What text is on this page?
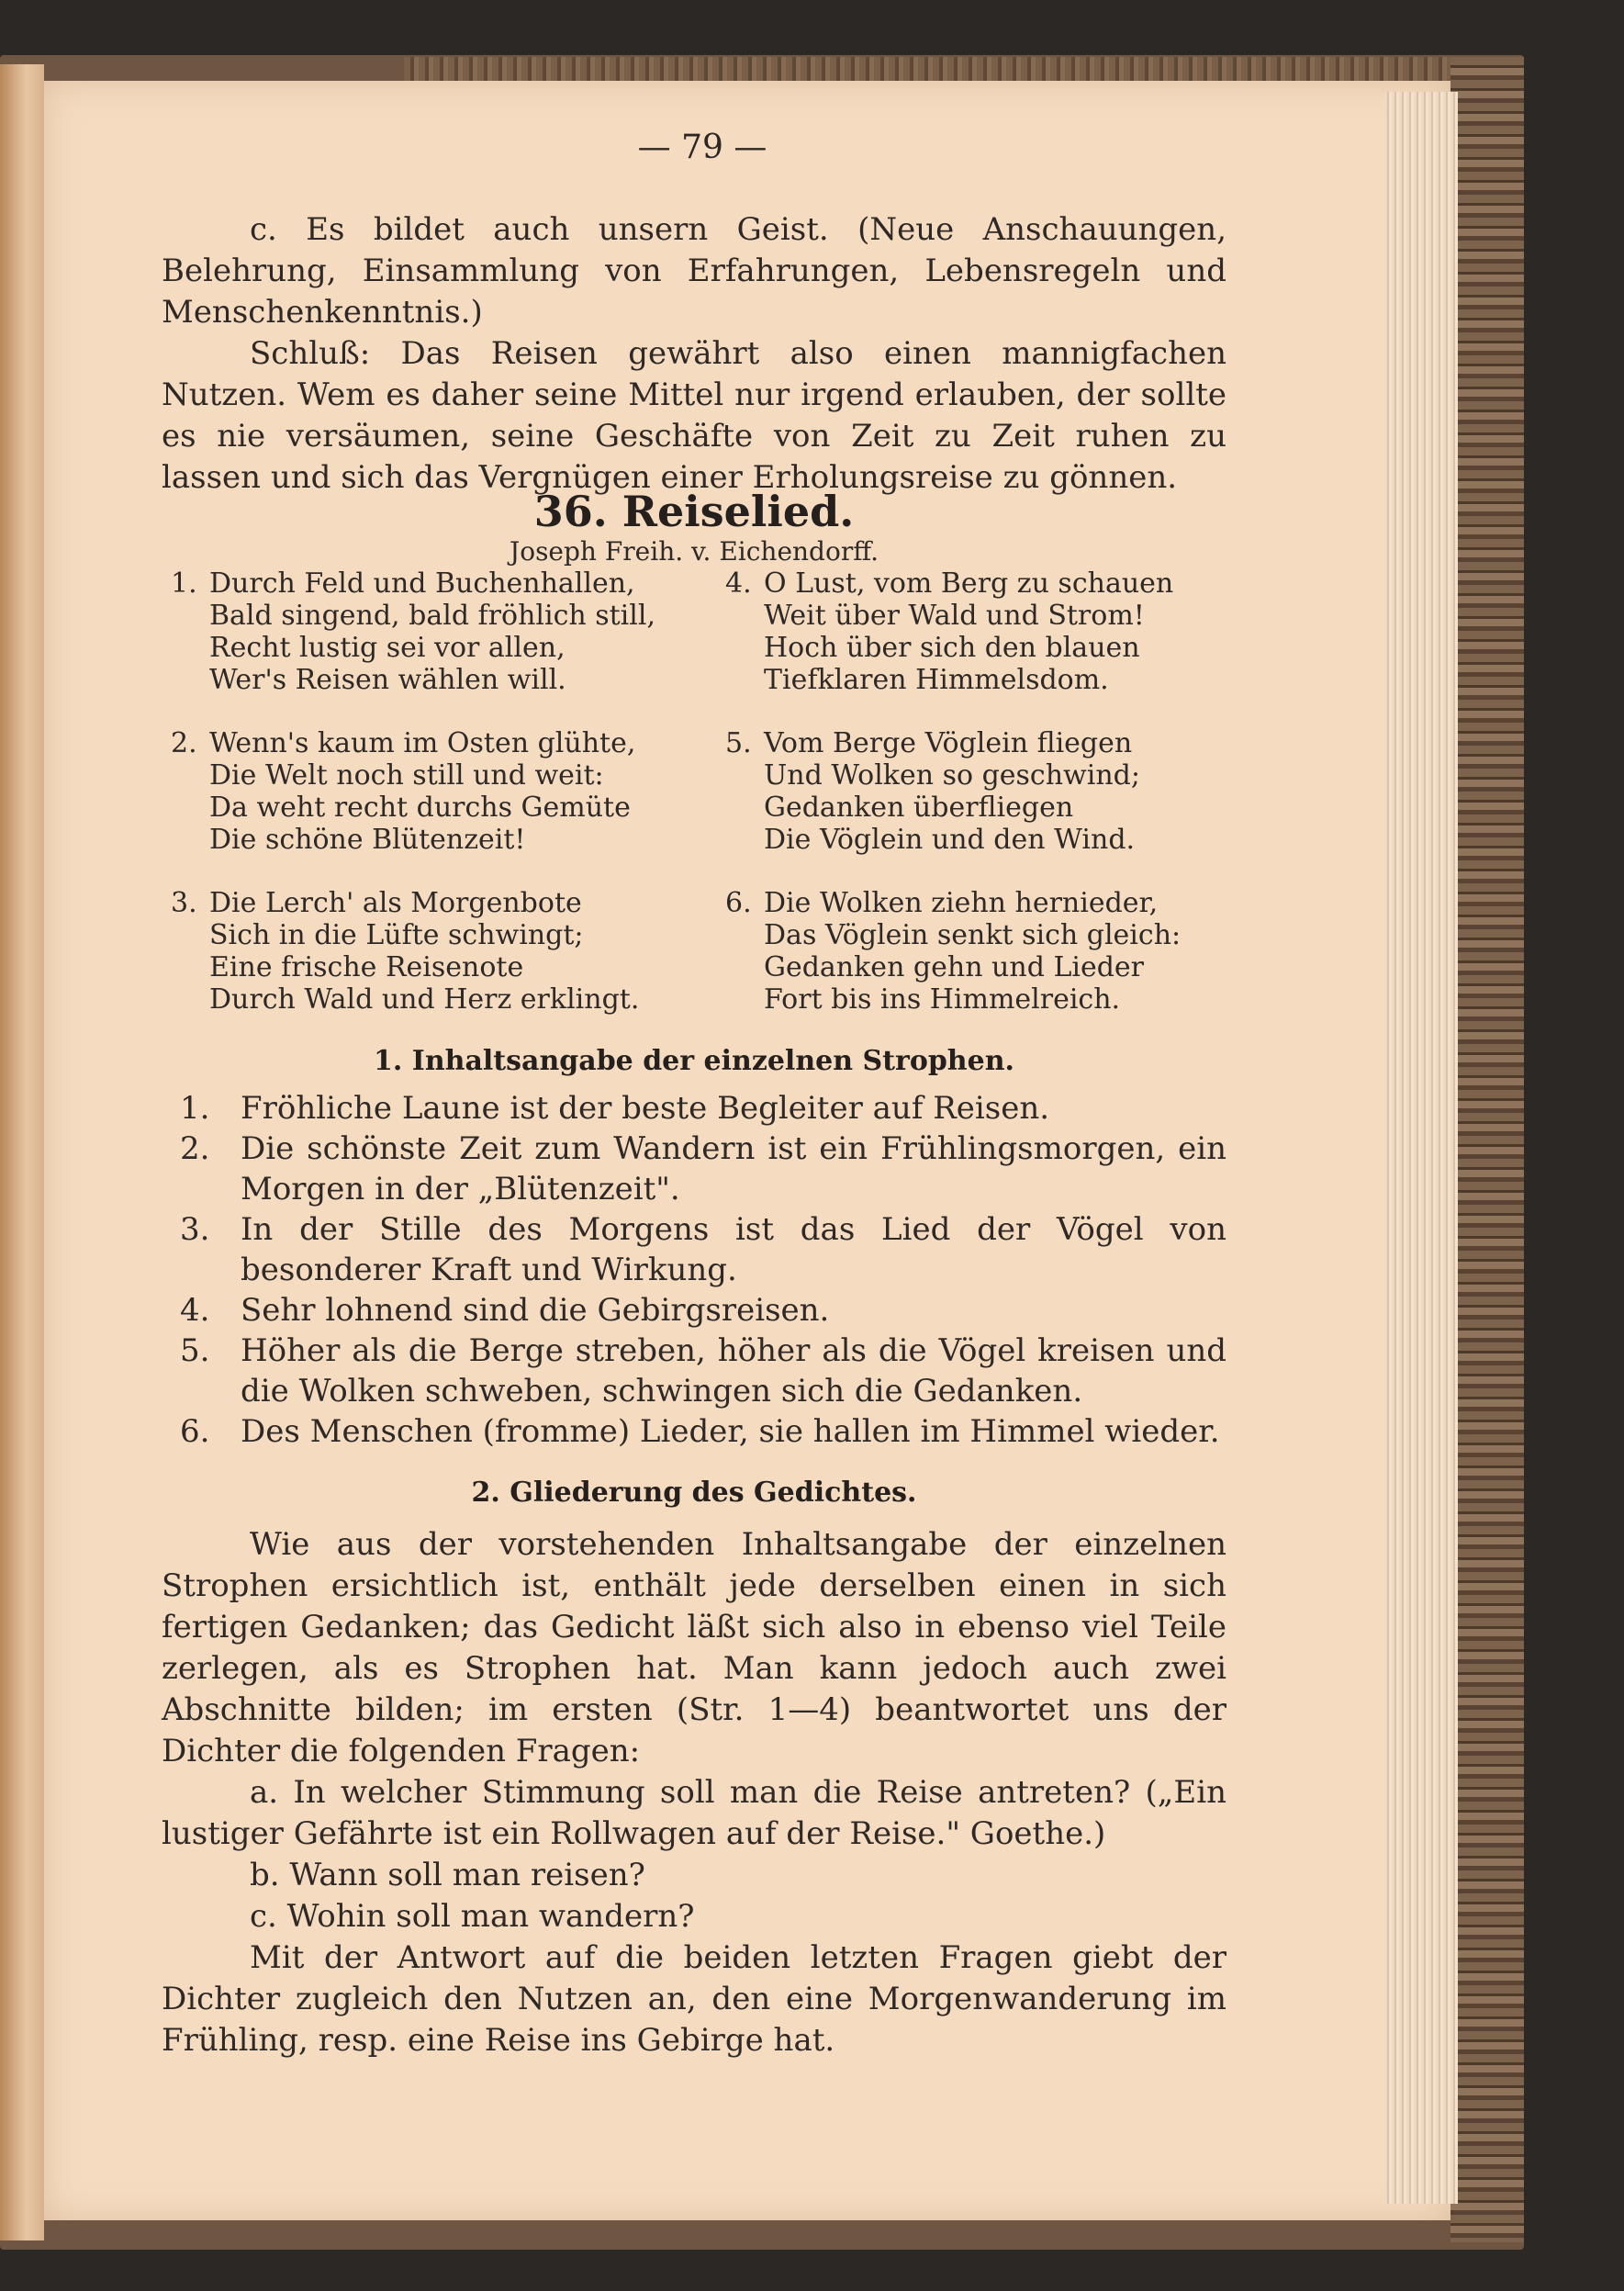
— 79 —

c. Es bildet auch unsern Geist. (Neue Anschauungen, Belehrung, Einsammlung von Erfahrungen, Lebensregeln und Menschenkenntnis.)

Schluß: Das Reisen gewährt also einen mannigfachen Nutzen. Wem es daher seine Mittel nur irgend erlauben, der sollte es nie versäumen, seine Geschäfte von Zeit zu Zeit ruhen zu lassen und sich das Vergnügen einer Erholungsreise zu gönnen.

36. Reiselied.
Joseph Freih. v. Eichendorff.
1. Durch Feld und Buchenhallen,
Bald singend, bald fröhlich still,
Recht lustig sei vor allen,
Wer's Reisen wählen will.
2. Wenn's kaum im Osten glühte,
Die Welt noch still und weit:
Da weht recht durchs Gemüte
Die schöne Blütenzeit!
3. Die Lerch' als Morgenbote
Sich in die Lüfte schwingt;
Eine frische Reisenote
Durch Wald und Herz erklingt.
4. O Lust, vom Berg zu schauen
Weit über Wald und Strom!
Hoch über sich den blauen
Tiefklaren Himmelsdom.
5. Vom Berge Vöglein fliegen
Und Wolken so geschwind;
Gedanken überfliegen
Die Vöglein und den Wind.
6. Die Wolken ziehn hernieder,
Das Vöglein senkt sich gleich:
Gedanken gehn und Lieder
Fort bis ins Himmelreich.
1. Inhaltsangabe der einzelnen Strophen.
1. Fröhliche Laune ist der beste Begleiter auf Reisen.
2. Die schönste Zeit zum Wandern ist ein Frühlingsmorgen, ein Morgen in der „Blütenzeit".
3. In der Stille des Morgens ist das Lied der Vögel von besonderer Kraft und Wirkung.
4. Sehr lohnend sind die Gebirgsreisen.
5. Höher als die Berge streben, höher als die Vögel kreisen und die Wolken schweben, schwingen sich die Gedanken.
6. Des Menschen (fromme) Lieder, sie hallen im Himmel wieder.
2. Gliederung des Gedichtes.

Wie aus der vorstehenden Inhaltsangabe der einzelnen Strophen ersichtlich ist, enthält jede derselben einen in sich fertigen Gedanken; das Gedicht läßt sich also in ebenso viel Teile zerlegen, als es Strophen hat. Man kann jedoch auch zwei Abschnitte bilden; im ersten (Str. 1—4) beantwortet uns der Dichter die folgenden Fragen:

a. In welcher Stimmung soll man die Reise antreten? („Ein lustiger Gefährte ist ein Rollwagen auf der Reise." Goethe.)

b. Wann soll man reisen?

c. Wohin soll man wandern?

Mit der Antwort auf die beiden letzten Fragen giebt der Dichter zugleich den Nutzen an, den eine Morgenwanderung im Frühling, resp. eine Reise ins Gebirge hat.
